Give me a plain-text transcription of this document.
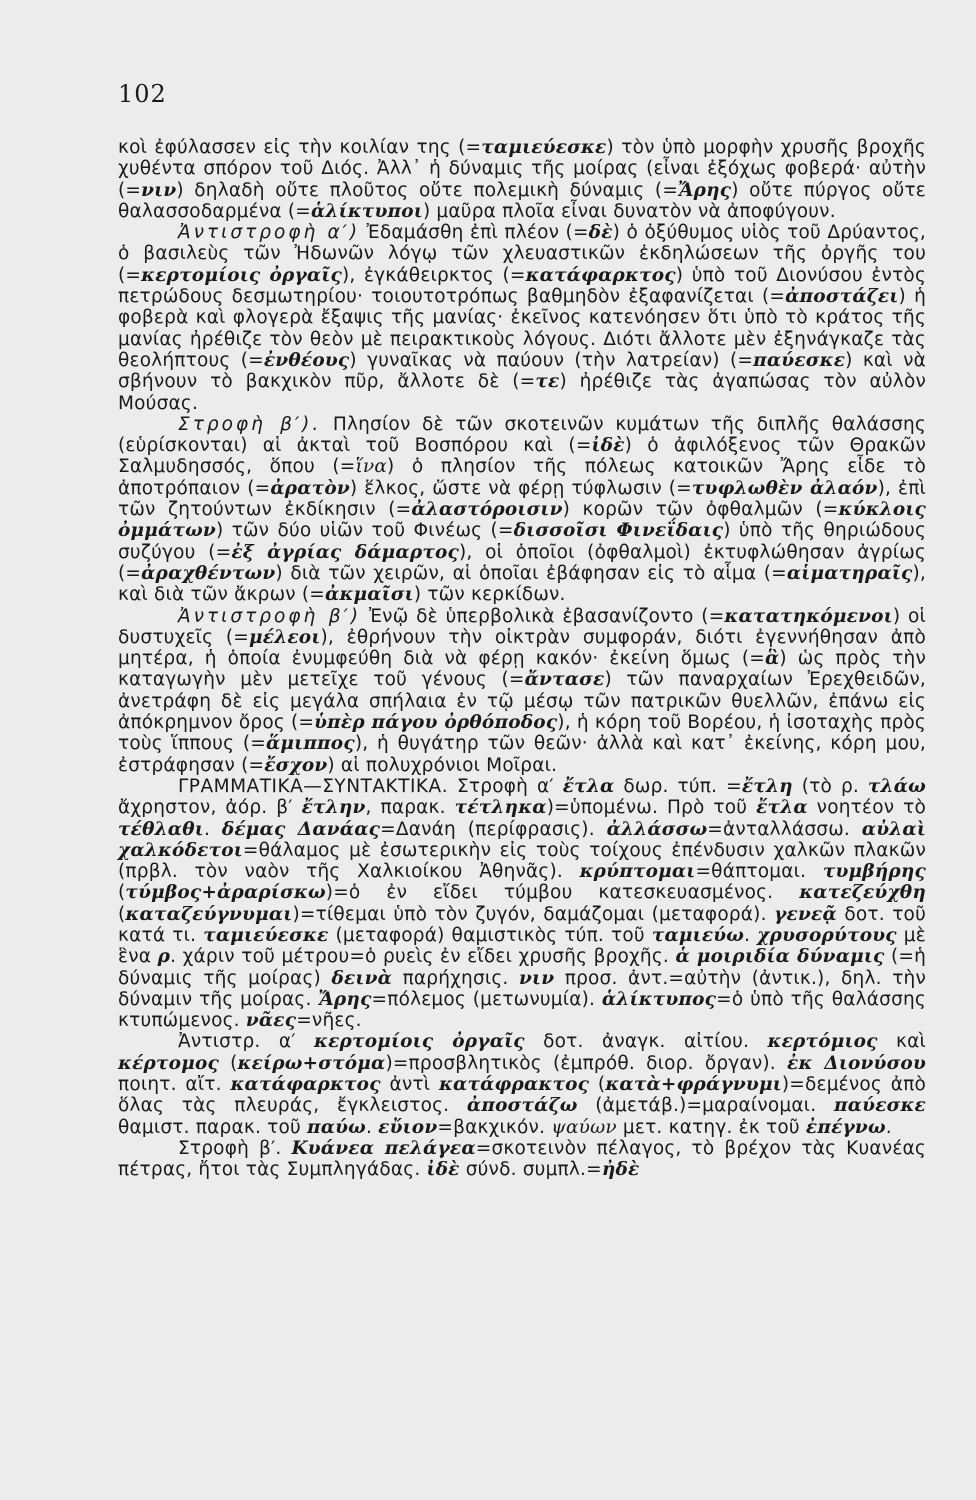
102

κοὶ ἐφύλασσεν εἰς τὴν κοιλίαν της (=ταμιεύεσκε) τὸν ὑπὸ μορφὴν χρυσῆς βροχῆς χυθέντα σπόρον τοῦ Διός. Ἀλλ᾽ ἡ δύναμις τῆς μοίρας (εἶναι ἐξόχως φοβερά· αὐτὴν (=νιν) δηλαδὴ οὔτε πλοῦτος οὔτε πολεμικὴ δύναμις (=Ἄρης) οὔτε πύργος οὔτε θαλασσοδαρμένα (=ἁλίκτυποι) μαῦρα πλοῖα εἶναι δυνατὸν νὰ ἀποφύγουν.

Ἀντιστροφὴ α′) Ἐδαμάσθη ἐπὶ πλέον (=δὲ) ὁ ὀξύθυμος υἱὸς τοῦ Δρύαντος, ὁ βασιλεὺς τῶν Ἠδωνῶν λόγῳ τῶν χλευαστικῶν ἐκδηλώσεων τῆς ὀργῆς του (=κερτομίοις ὀργαῖς), ἐγκάθειρκτος (=κατάφαρκτος) ὑπὸ τοῦ Διονύσου ἐντὸς πετρώδους δεσμωτηρίου· τοιουτοτρόπως βαθμηδὸν ἐξαφανίζεται (=ἀποστάζει) ἡ φοβερὰ καὶ φλογερὰ ἔξαψις τῆς μανίας· ἐκεῖνος κατενόησεν ὅτι ὑπὸ τὸ κράτος τῆς μανίας ἠρέθιζε τὸν θεὸν μὲ πειρακτικοὺς λόγους. Διότι ἄλλοτε μὲν ἐξηνάγκαζε τὰς θεολήπτους (=ἐνθέους) γυναῖκας νὰ παύουν (τὴν λατρείαν) (=παύεσκε) καὶ νὰ σβήνουν τὸ βακχικὸν πῦρ, ἄλλοτε δὲ (=τε) ἠρέθιζε τὰς ἀγαπώσας τὸν αὐλὸν Μούσας.

Στροφὴ β′). Πλησίον δὲ τῶν σκοτεινῶν κυμάτων τῆς διπλῆς θαλάσσης (εὑρίσκονται) αἱ ἀκταὶ τοῦ Βοσπόρου καὶ (=ἰδὲ) ὁ ἀφιλόξενος τῶν Θρακῶν Σαλμυδησσός, ὅπου (=ἵνα) ὁ πλησίον τῆς πόλεως κατοικῶν Ἄρης εἶδε τὸ ἀποτρόπαιον (=ἀρατὸν) ἕλκος, ὥστε νὰ φέρῃ τύφλωσιν (=τυφλωθὲν ἀλαόν), ἐπὶ τῶν ζητούντων ἐκδίκησιν (=ἀλαστόροισιν) κορῶν τῶν ὀφθαλμῶν (=κύκλοις ὀμμάτων) τῶν δύο υἱῶν τοῦ Φινέως (=δισσοῖσι Φινεΐδαις) ὑπὸ τῆς θηριώδους συζύγου (=ἐξ ἀγρίας δάμαρτος), οἱ ὁποῖοι (ὀφθαλμοὶ) ἐκτυφλώθησαν ἀγρίως (=ἀραχθέντων) διὰ τῶν χειρῶν, αἱ ὁποῖαι ἐβάφησαν εἰς τὸ αἷμα (=αἱματηραῖς), καὶ διὰ τῶν ἄκρων (=ἀκμαῖσι) τῶν κερκίδων.

Ἀντιστροφὴ β′) Ἐνῷ δὲ ὑπερβολικὰ ἐβασανίζοντο (=κατατηκόμενοι) οἱ δυστυχεῖς (=μέλεοι), ἐθρήνουν τὴν οἰκτρὰν συμφοράν, διότι ἐγεννήθησαν ἀπὸ μητέρα, ἡ ὁποία ἐνυμφεύθη διὰ νὰ φέρῃ κακόν· ἐκείνη ὅμως (=ἃ) ὡς πρὸς τὴν καταγωγὴν μὲν μετεῖχε τοῦ γένους (=ἄντασε) τῶν παναρχαίων Ἐρεχθειδῶν, ἀνετράφη δὲ εἰς μεγάλα σπήλαια ἐν τῷ μέσῳ τῶν πατρικῶν θυελλῶν, ἐπάνω εἰς ἀπόκρημνον ὄρος (=ὑπὲρ πάγου ὀρθόποδος), ἡ κόρη τοῦ Βορέου, ἡ ἰσοταχὴς πρὸς τοὺς ἵππους (=ἅμιππος), ἡ θυγάτηρ τῶν θεῶν· ἀλλὰ καὶ κατ᾽ ἐκείνης, κόρη μου, ἐστράφησαν (=ἔσχον) αἱ πολυχρόνιοι Μοῖραι.

ΓΡΑΜΜΑΤΙΚΑ—ΣΥΝΤΑΚΤΙΚΑ. Στροφὴ α′ ἔτλα δωρ. τύπ. =ἔτλη (τὸ ρ. τλάω ἄχρηστον, ἀόρ. β′ ἔτλην, παρακ. τέτληκα)=ὑπομένω. Πρὸ τοῦ ἔτλα νοητέον τὸ τέθλαθι. δέμας Δανάας=Δανάη (περίφρασις). ἀλλάσσω=ἀνταλλάσσω. αὐλαὶ χαλκόδετοι=θάλαμος μὲ ἐσωτερικὴν εἰς τοὺς τοίχους ἐπένδυσιν χαλκῶν πλακῶν (πρβλ. τὸν ναὸν τῆς Χαλκιοίκου Ἀθηνᾶς). κρύπτομαι=θάπτομαι. τυμβήρης (τύμβος+ἀραρίσκω)=ὁ ἐν εἴδει τύμβου κατεσκευασμένος. κατεζεύχθη (καταζεύγνυμαι)=τίθεμαι ὑπὸ τὸν ζυγόν, δαμάζομαι (μεταφορά). γενεᾷ δοτ. τοῦ κατά τι. ταμιεύεσκε (μεταφορά) θαμιστικὸς τύπ. τοῦ ταμιεύω. χρυσορύτους μὲ ἓνα ρ. χάριν τοῦ μέτρου=ὁ ρυεὶς ἐν εἴδει χρυσῆς βροχῆς. ἁ μοιριδία δύναμις (=ἡ δύναμις τῆς μοίρας) δεινὰ παρήχησις. νιν προσ. ἀντ.=αὐτὴν (ἀντικ.), δηλ. τὴν δύναμιν τῆς μοίρας. Ἄρης=πόλεμος (μετωνυμία). ἁλίκτυπος=ὁ ὑπὸ τῆς θαλάσσης κτυπώμενος. νᾶες=νῆες.

Ἀντιστρ. α′ κερτομίοις ὀργαῖς δοτ. ἀναγκ. αἰτίου. κερτόμιος καὶ κέρτομος (κείρω+στόμα)=προσβλητικὸς (ἐμπρόθ. διορ. ὄργαν). ἐκ Διονύσου ποιητ. αἴτ. κατάφαρκτος ἀντὶ κατάφρακτος (κατὰ+φράγνυμι)=δεμένος ἀπὸ ὅλας τὰς πλευράς, ἔγκλειστος. ἀποστάζω (ἀμετάβ.)=μαραίνομαι. παύεσκε θαμιστ. παρακ. τοῦ παύω. εὔιον=βακχικόν. ψαύων μετ. κατηγ. ἐκ τοῦ ἐπέγνω.

Στροφὴ β′. Κυάνεα πελάγεα=σκοτεινὸν πέλαγος, τὸ βρέχον τὰς Κυανέας πέτρας, ἤτοι τὰς Συμπληγάδας. ἰδὲ σύνδ. συμπλ.=ἠδὲ
